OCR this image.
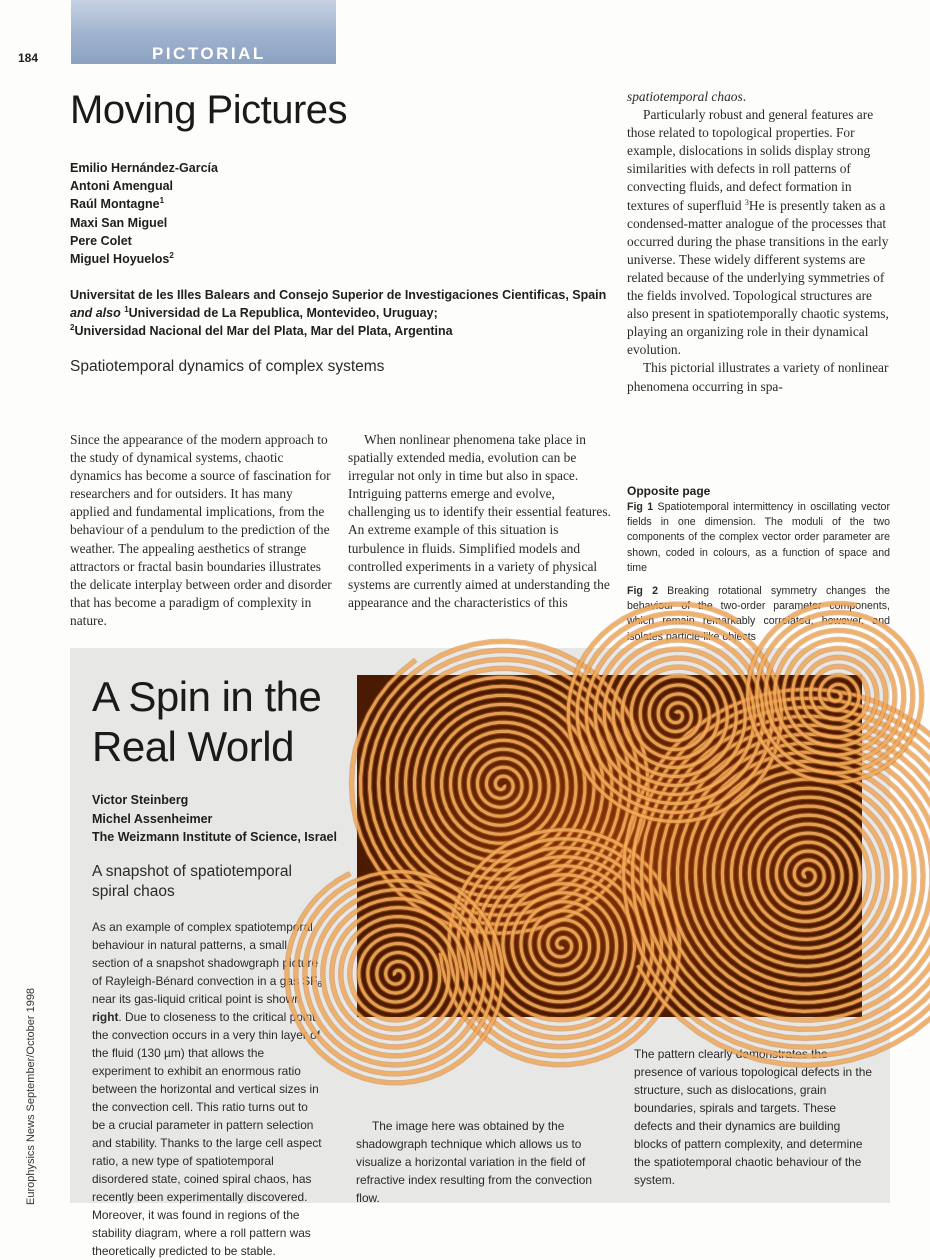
PICTORIAL
184
Moving Pictures
Emilio Hernández-García
Antoni Amengual
Raúl Montagne$^1$
Maxi San Miguel
Pere Colet
Miguel Hoyuelos$^2$
Universitat de les Illes Balears and Consejo Superior de Investigaciones Cientificas, Spain
and also $^1$Universidad de La Republica, Montevideo, Uruguay;
$^2$Universidad Nacional del Mar del Plata, Mar del Plata, Argentina
Spatiotemporal dynamics of complex systems

Since the appearance of the modern approach to the study of dynamical systems, chaotic dynamics has become a source of fascination for researchers and for outsiders. It has many applied and fundamental implications, from the behaviour of a pendulum to the prediction of the weather. The appealing aesthetics of strange attractors or fractal basin boundaries illustrates the delicate interplay between order and disorder that has become a paradigm of complexity in nature.

When nonlinear phenomena take place in spatially extended media, evolution can be irregular not only in time but also in space. Intriguing patterns emerge and evolve, challenging us to identify their essential features. An extreme example of this situation is turbulence in fluids. Simplified models and controlled experiments in a variety of physical systems are currently aimed at understanding the appearance and the characteristics of this

spatiotemporal chaos.

Particularly robust and general features are those related to topological properties. For example, dislocations in solids display strong similarities with defects in roll patterns of convecting fluids, and defect formation in textures of superfluid $^3$He is presently taken as a condensed-matter analogue of the processes that occurred during the phase transitions in the early universe. These widely different systems are related because of the underlying symmetries of the fields involved. Topological structures are also present in spatiotemporally chaotic systems, playing an organizing role in their dynamical evolution.

This pictorial illustrates a variety of nonlinear phenomena occurring in spa-

Opposite page

Fig 1 Spatiotemporal intermittency in oscillating vector fields in one dimension. The moduli of the two components of the complex vector order parameter are shown, coded in colours, as a function of space and time

Fig 2 Breaking rotational symmetry changes the behaviour of the two-order parameter components, which remain remarkably correlated, however, and isolates particle-like objects

A Spin in the
Real World
Victor Steinberg
Michel Assenheimer
The Weizmann Institute of Science, Israel
A snapshot of spatiotemporal spiral chaos

As an example of complex spatiotemporal behaviour in natural patterns, a small section of a snapshot shadowgraph picture of Rayleigh-Bénard convection in a gas $SF_6$ near its gas-liquid critical point is shown right. Due to closeness to the critical point the convection occurs in a very thin layer of the fluid (130 µm) that allows the experiment to exhibit an enormous ratio between the horizontal and vertical sizes in the convection cell. This ratio turns out to be a crucial parameter in pattern selection and stability. Thanks to the large cell aspect ratio, a new type of spatiotemporal disordered state, coined spiral chaos, has recently been experimentally discovered. Moreover, it was found in regions of the stability diagram, where a roll pattern was theoretically predicted to be stable.

The image here was obtained by the shadowgraph technique which allows us to visualize a horizontal variation in the field of refractive index resulting from the convection flow.

The pattern clearly demonstrates the presence of various topological defects in the structure, such as dislocations, grain boundaries, spirals and targets. These defects and their dynamics are building blocks of pattern complexity, and determine the spatiotemporal chaotic behaviour of the system.

Europhysics News September/October 1998
